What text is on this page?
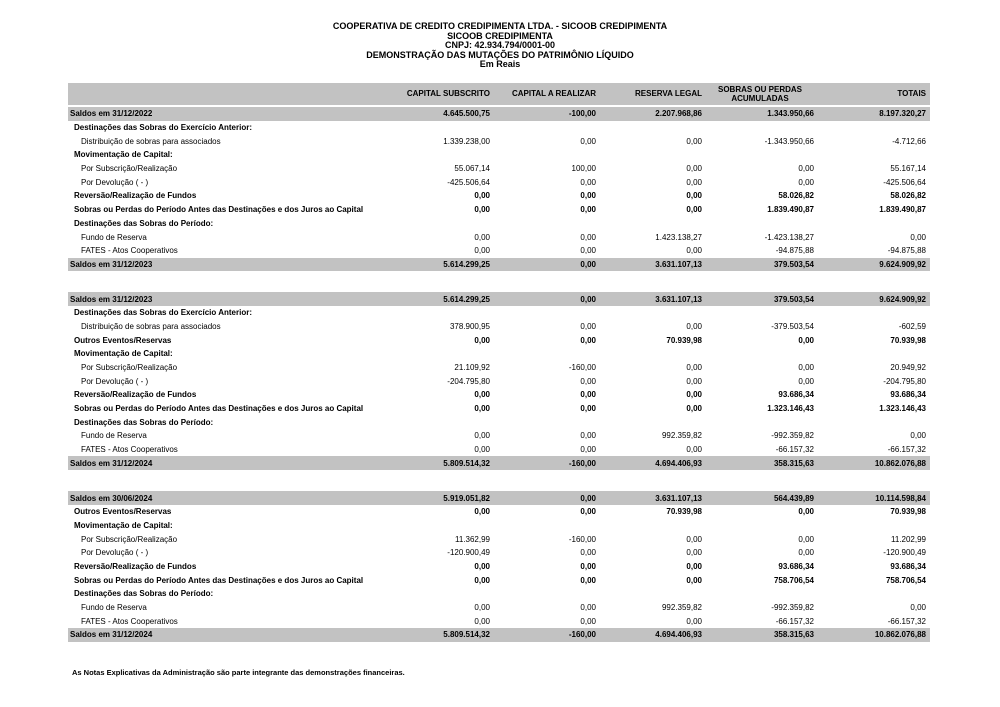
COOPERATIVA DE CREDITO CREDIPIMENTA LTDA. - SICOOB CREDIPIMENTA
SICOOB CREDIPIMENTA
CNPJ: 42.934.794/0001-00
DEMONSTRAÇÃO DAS MUTAÇÕES DO PATRIMÔNIO LÍQUIDO
Em Reais
CAPITAL SUBSCRITO	CAPITAL A REALIZAR	RESERVA LEGAL	SOBRAS OU PERDAS ACUMULADAS	TOTAIS
Saldos em 31/12/2022	4.645.500,75	-100,00	2.207.968,86	1.343.950,66	8.197.320,27
Destinações das Sobras do Exercício Anterior:
Distribuição de sobras para associados	1.339.238,00	0,00	0,00	-1.343.950,66	-4.712,66
Movimentação de Capital:
Por Subscrição/Realização	55.067,14	100,00	0,00	0,00	55.167,14
Por Devolução ( - )	-425.506,64	0,00	0,00	0,00	-425.506,64
Reversão/Realização de Fundos	0,00	0,00	0,00	58.026,82	58.026,82
Sobras ou Perdas do Período Antes das Destinações e dos Juros ao Capital	0,00	0,00	0,00	1.839.490,87	1.839.490,87
Destinações das Sobras do Período:
Fundo de Reserva	0,00	0,00	1.423.138,27	-1.423.138,27	0,00
FATES - Atos Cooperativos	0,00	0,00	0,00	-94.875,88	-94.875,88
Saldos em 31/12/2023	5.614.299,25	0,00	3.631.107,13	379.503,54	9.624.909,92
Saldos em 31/12/2023	5.614.299,25	0,00	3.631.107,13	379.503,54	9.624.909,92
Destinações das Sobras do Exercício Anterior:
Distribuição de sobras para associados	378.900,95	0,00	0,00	-379.503,54	-602,59
Outros Eventos/Reservas	0,00	0,00	70.939,98	0,00	70.939,98
Movimentação de Capital:
Por Subscrição/Realização	21.109,92	-160,00	0,00	0,00	20.949,92
Por Devolução ( - )	-204.795,80	0,00	0,00	0,00	-204.795,80
Reversão/Realização de Fundos	0,00	0,00	0,00	93.686,34	93.686,34
Sobras ou Perdas do Período Antes das Destinações e dos Juros ao Capital	0,00	0,00	0,00	1.323.146,43	1.323.146,43
Destinações das Sobras do Período:
Fundo de Reserva	0,00	0,00	992.359,82	-992.359,82	0,00
FATES - Atos Cooperativos	0,00	0,00	0,00	-66.157,32	-66.157,32
Saldos em 31/12/2024	5.809.514,32	-160,00	4.694.406,93	358.315,63	10.862.076,88
Saldos em 30/06/2024	5.919.051,82	0,00	3.631.107,13	564.439,89	10.114.598,84
Outros Eventos/Reservas	0,00	0,00	70.939,98	0,00	70.939,98
Movimentação de Capital:
Por Subscrição/Realização	11.362,99	-160,00	0,00	0,00	11.202,99
Por Devolução ( - )	-120.900,49	0,00	0,00	0,00	-120.900,49
Reversão/Realização de Fundos	0,00	0,00	0,00	93.686,34	93.686,34
Sobras ou Perdas do Período Antes das Destinações e dos Juros ao Capital	0,00	0,00	0,00	758.706,54	758.706,54
Destinações das Sobras do Período:
Fundo de Reserva	0,00	0,00	992.359,82	-992.359,82	0,00
FATES - Atos Cooperativos	0,00	0,00	0,00	-66.157,32	-66.157,32
Saldos em 31/12/2024	5.809.514,32	-160,00	4.694.406,93	358.315,63	10.862.076,88
As Notas Explicativas da Administração são parte integrante das demonstrações financeiras.
